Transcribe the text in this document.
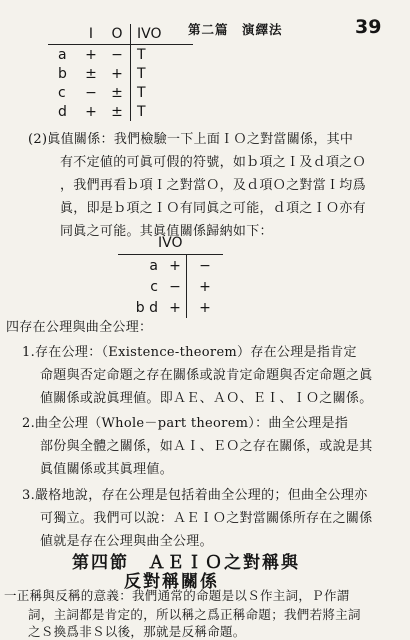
第二篇　演繹法	39
	I	O	IVO
a	+	−	T
b	±	+	T
c	−	±	T
d	+	±	T
(2)眞值關係：我們檢驗一下上面ＩＯ之對當關係，其中
有不定値的可眞可假的符號，如ｂ項之Ｉ及ｄ項之Ｏ
，我們再看ｂ項Ｉ之對當Ｏ，及ｄ項Ｏ之對當Ｉ均爲
眞，即是ｂ項之ＩＯ有同眞之可能，ｄ項之ＩＯ亦有
同眞之可能。其眞值關係歸納如下：
IVO		
a	+	−
c	−	+
b d	+	+
四存在公理與曲全公理：
1.存在公理：（Existence-theorem）存在公理是指肯定
命題與否定命題之存在關係或說肯定命題與否定命題之眞
値關係或說眞理値。即ＡＥ、ＡＯ、ＥＩ、ＩＯ之關係。
2.曲全公理（Whole－part theorem）：曲全公理是指
部份與全體之關係，如ＡＩ、ＥＯ之存在關係，或說是其
眞值關係或其眞理値。
3.嚴格地說，存在公理是包括着曲全公理的；但曲全公理亦
可獨立。我們可以說：ＡＥＩＯ之對當關係所存在之關係
値就是存在公理與曲全公理。
第四節　ＡＥＩＯ之對稱與
反對稱關係
一正稱與反稱的意義：我們通常的命題是以Ｓ作主詞，Ｐ作謂
詞，主詞都是肯定的，所以稱之爲正稱命題；我們若將主詞
之Ｓ換爲非Ｓ以後，那就是反稱命題。
